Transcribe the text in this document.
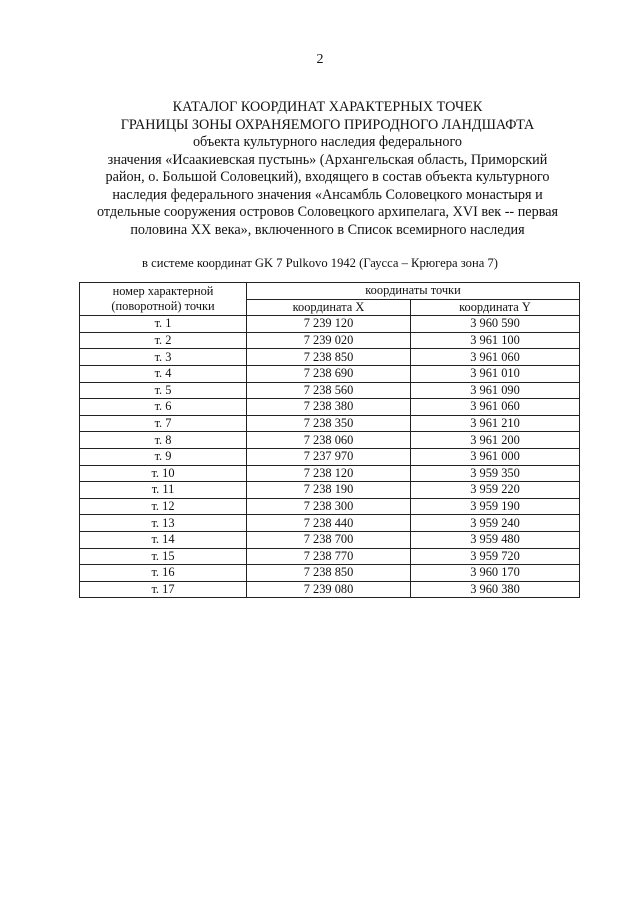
2
КАТАЛОГ КООРДИНАТ ХАРАКТЕРНЫХ ТОЧЕК
ГРАНИЦЫ ЗОНЫ ОХРАНЯЕМОГО ПРИРОДНОГО ЛАНДШАФТА
объекта культурного наследия федерального
значения «Исаакиевская пустынь» (Архангельская область, Приморский
район, о. Большой Соловецкий), входящего в состав объекта культурного
наследия федерального значения «Ансамбль Соловецкого монастыря и
отдельные сооружения островов Соловецкого архипелага, XVI век -- первая
половина XX века», включенного в Список всемирного наследия
в системе координат GK 7 Pulkovo 1942 (Гаусса – Крюгера зона 7)
номер характерной
(поворотной) точки	координаты точки	
	координата X	координата Y
т. 1	7 239 120	3 960 590
т. 2	7 239 020	3 961 100
т. 3	7 238 850	3 961 060
т. 4	7 238 690	3 961 010
т. 5	7 238 560	3 961 090
т. 6	7 238 380	3 961 060
т. 7	7 238 350	3 961 210
т. 8	7 238 060	3 961 200
т. 9	7 237 970	3 961 000
т. 10	7 238 120	3 959 350
т. 11	7 238 190	3 959 220
т. 12	7 238 300	3 959 190
т. 13	7 238 440	3 959 240
т. 14	7 238 700	3 959 480
т. 15	7 238 770	3 959 720
т. 16	7 238 850	3 960 170
т. 17	7 239 080	3 960 380
